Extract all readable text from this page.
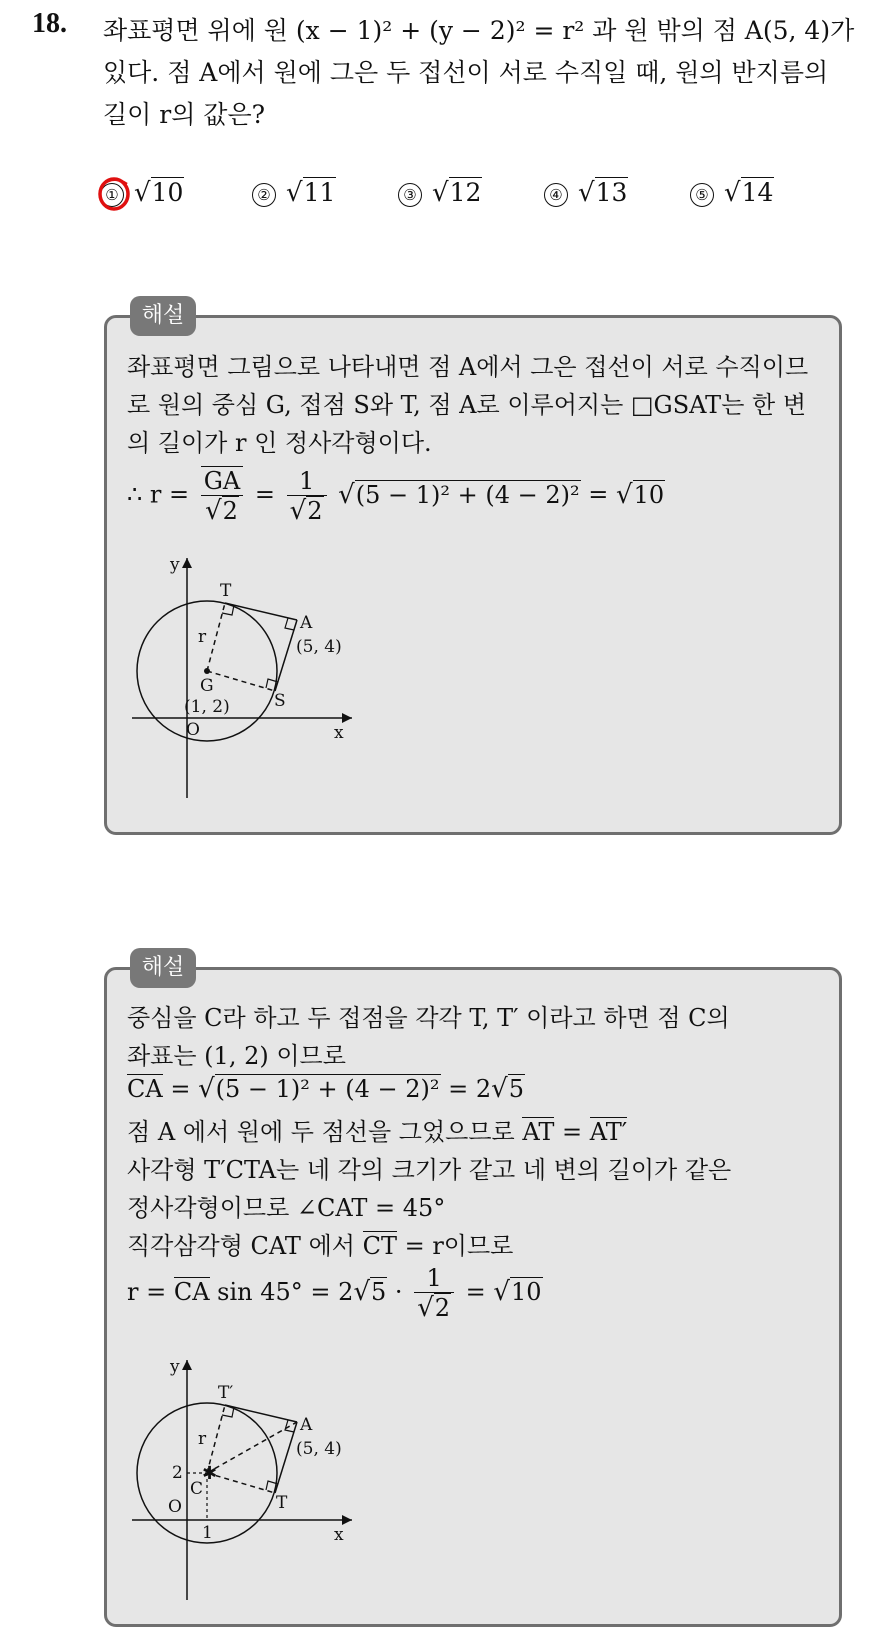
18. 좌표평면 위에 원 (x − 1)² + (y − 2)² = r² 과 원 밖의 점 A(5, 4)가
있다. 점 A에서 원에 그은 두 접선이 서로 수직일 때, 원의 반지름의
길이 r의 값은?
① √10	② √11	③ √12	④ √13	⑤ √14
좌표평면 그림으로 나타내면 점 A에서 그은 접선이 서로 수직이므로 원의 중심 G, 접점 S와 T, 점 A로 이루어지는 □GSAT는 한 변의 길이가 r 인 정사각형이다.
∴ $r = \frac{GA}{√2} = \frac{1}{√2} √(5 - 1)^2 + (4 - 2)^2 = √10$
y
x
T
A
(5, 4)
r
G
(1, 2)	S
O
해설
중심을 C라 하고 두 접점을 각각 T, T′ 이라고 하면 점 C의
좌표는 (1, 2) 이므로
CA = √(5 − 1)² + (4 − 2)² = 2√5
점 A 에서 원에 두 점선을 그었으므로 AT = AT′
사각형 T′CTA는 네 각의 크기가 같고 네 변의 길이가 같은
정사각형이므로 ∠CAT = 45°
직각삼각형 CAT 에서 CT = r이므로
r = CA $\sin 45^\circ = 2√5 \cdot \frac{1}{√2} = √10$
✱
y
x
T′
A
(5, 4)
r
2
C
T
O
1
해설
